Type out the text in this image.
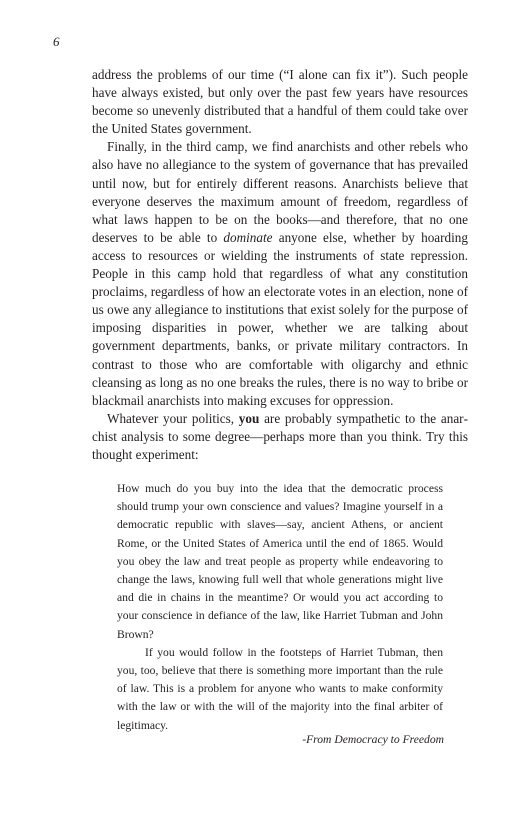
6

address the problems of our time (“I alone can fix it”). Such people have always existed, but only over the past few years have resources become so unevenly distributed that a handful of them could take over the United States government.

Finally, in the third camp, we find anarchists and other rebels who also have no allegiance to the system of governance that has prevailed until now, but for entirely different reasons. Anarchists believe that everyone deserves the maximum amount of freedom, regardless of what laws happen to be on the books—and therefore, that no one deserves to be able to dominate anyone else, whether by hoarding access to resources or wielding the instruments of state repression. People in this camp hold that regardless of what any constitution proclaims, regardless of how an electorate votes in an election, none of us owe any allegiance to institutions that exist solely for the purpose of imposing disparities in power, whether we are talking about government departments, banks, or private military contractors. In contrast to those who are comfortable with oligarchy and ethnic cleansing as long as no one breaks the rules, there is no way to bribe or blackmail anarchists into making excuses for oppression.

Whatever your politics, you are probably sympathetic to the anarchist analysis to some degree—perhaps more than you think. Try this thought experiment:

How much do you buy into the idea that the democratic process should trump your own conscience and values? Imagine yourself in a democratic republic with slaves—say, ancient Athens, or ancient Rome, or the United States of America until the end of 1865. Would you obey the law and treat people as property while endeavoring to change the laws, knowing full well that whole generations might live and die in chains in the meantime? Or would you act according to your conscience in defiance of the law, like Harriet Tubman and John Brown?

If you would follow in the footsteps of Harriet Tubman, then you, too, believe that there is something more important than the rule of law. This is a problem for anyone who wants to make conformity with the law or with the will of the majority into the final arbiter of legitimacy.

-From Democracy to Freedom
